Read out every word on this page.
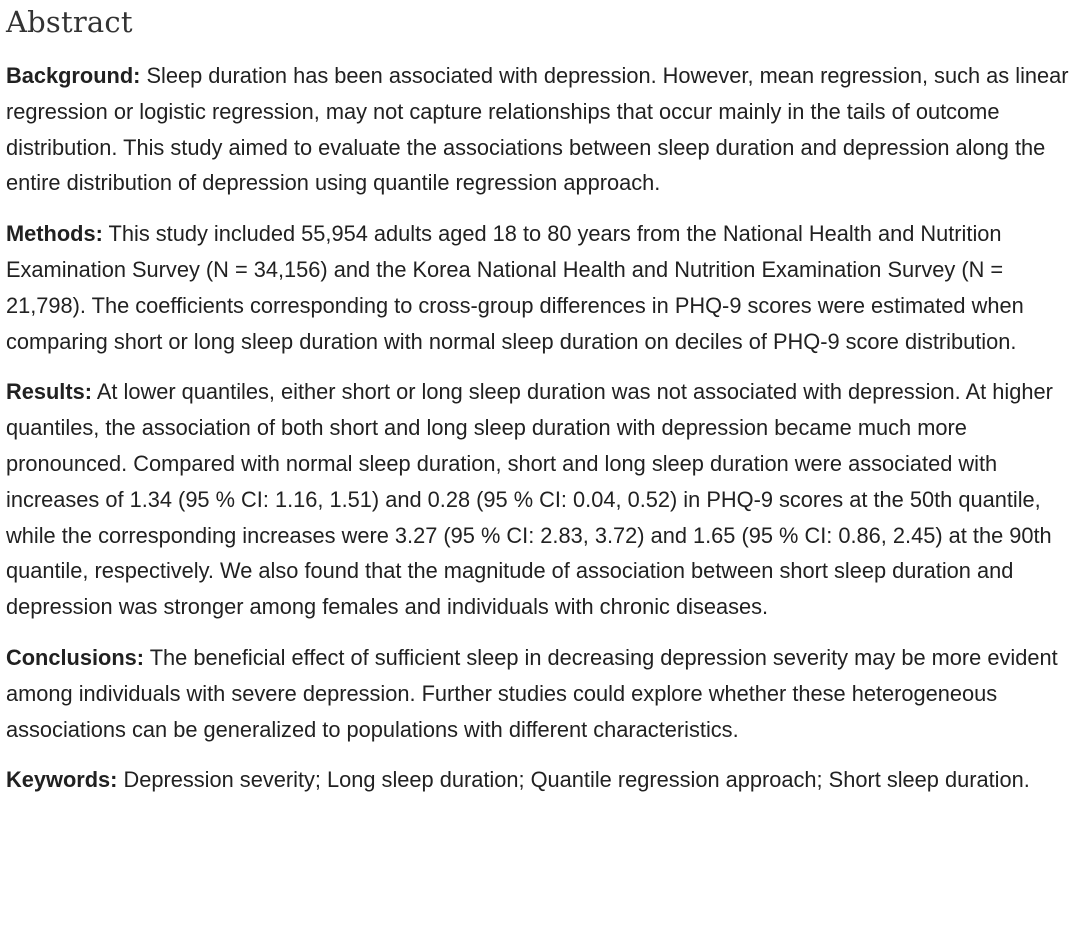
Abstract

Background: Sleep duration has been associated with depression. However, mean regression, such as linear regression or logistic regression, may not capture relationships that occur mainly in the tails of outcome distribution. This study aimed to evaluate the associations between sleep duration and depression along the entire distribution of depression using quantile regression approach.

Methods: This study included 55,954 adults aged 18 to 80 years from the National Health and Nutrition Examination Survey (N = 34,156) and the Korea National Health and Nutrition Examination Survey (N = 21,798). The coefficients corresponding to cross-group differences in PHQ-9 scores were estimated when comparing short or long sleep duration with normal sleep duration on deciles of PHQ-9 score distribution.

Results: At lower quantiles, either short or long sleep duration was not associated with depression. At higher quantiles, the association of both short and long sleep duration with depression became much more pronounced. Compared with normal sleep duration, short and long sleep duration were associated with increases of 1.34 (95 % CI: 1.16, 1.51) and 0.28 (95 % CI: 0.04, 0.52) in PHQ-9 scores at the 50th quantile, while the corresponding increases were 3.27 (95 % CI: 2.83, 3.72) and 1.65 (95 % CI: 0.86, 2.45) at the 90th quantile, respectively. We also found that the magnitude of association between short sleep duration and depression was stronger among females and individuals with chronic diseases.

Conclusions: The beneficial effect of sufficient sleep in decreasing depression severity may be more evident among individuals with severe depression. Further studies could explore whether these heterogeneous associations can be generalized to populations with different characteristics.

Keywords: Depression severity; Long sleep duration; Quantile regression approach; Short sleep duration.
